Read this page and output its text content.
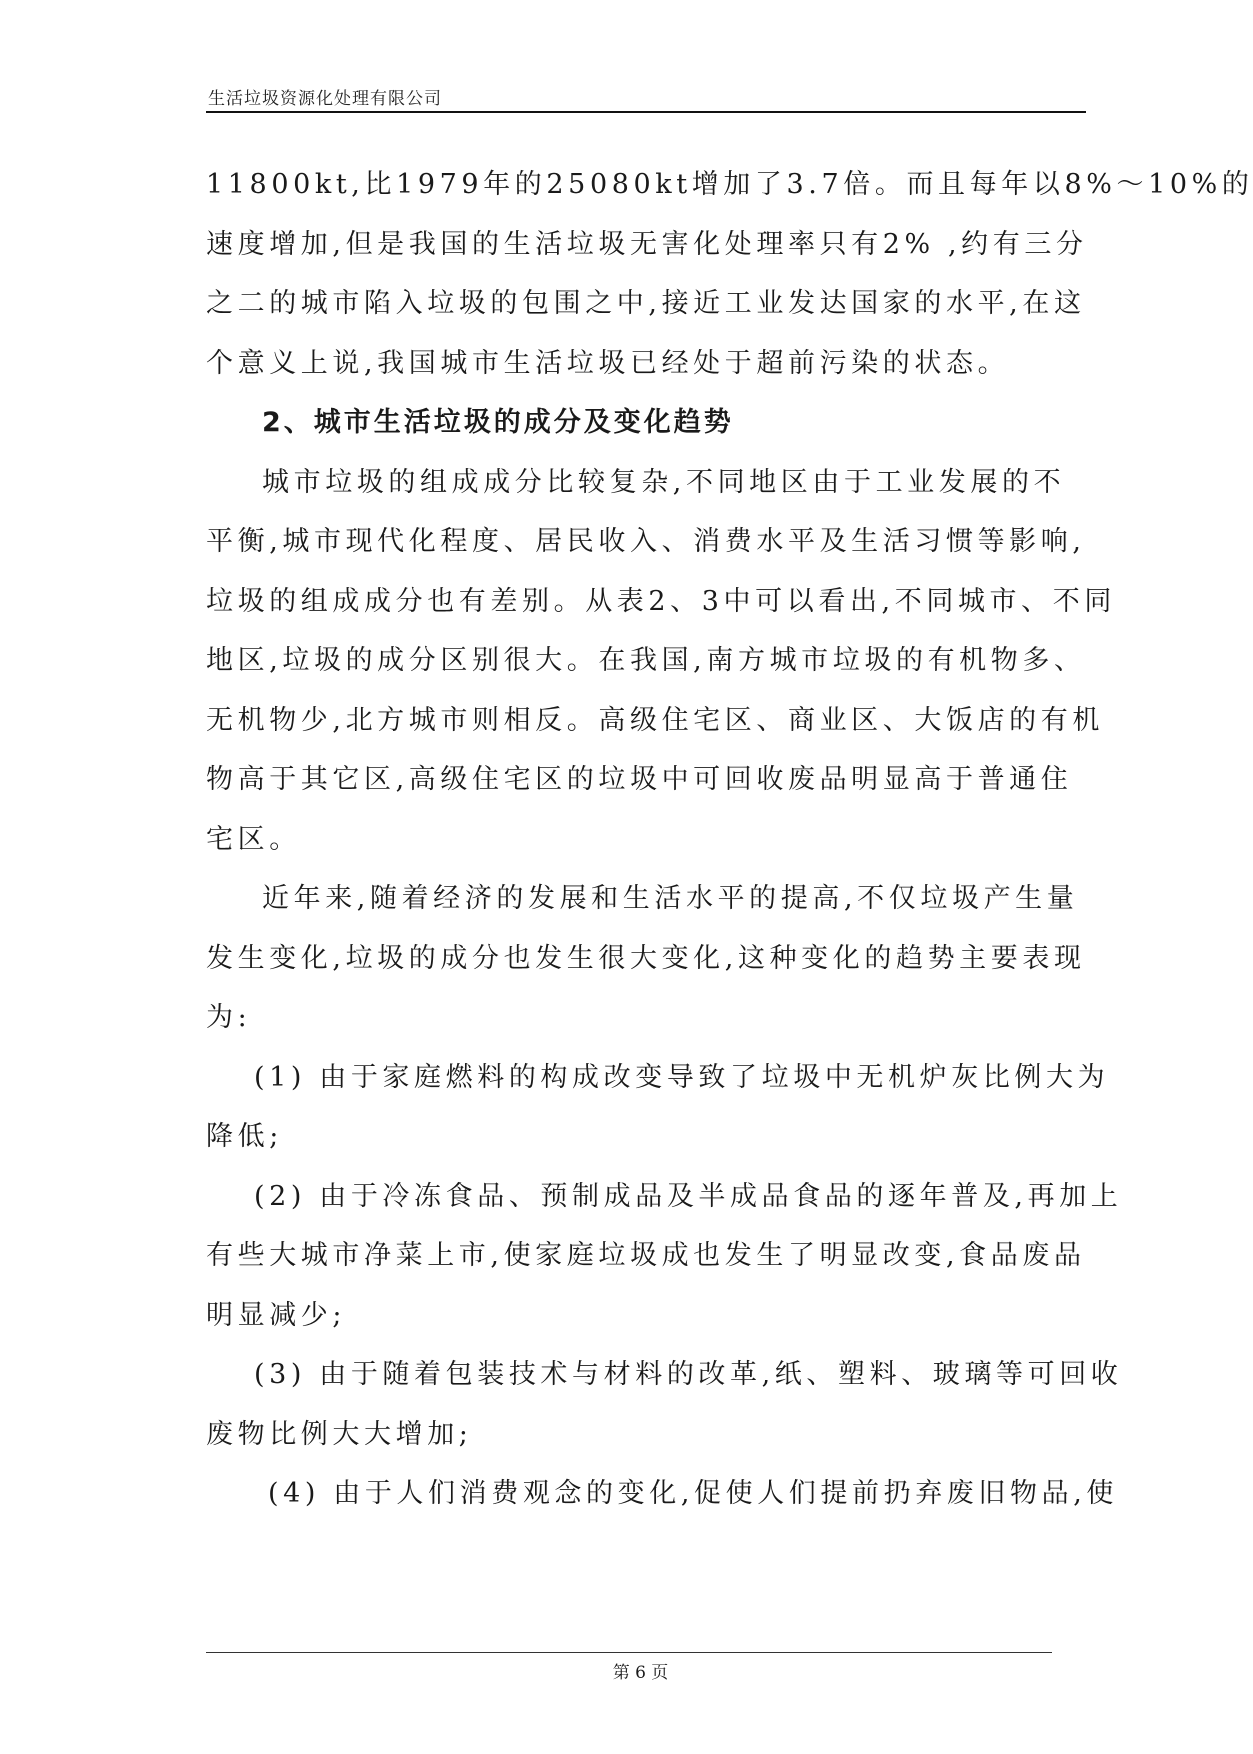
生活垃圾资源化处理有限公司
11800kt,比1979年的25080kt增加了3.7倍。而且每年以8%～10%的
速度增加,但是我国的生活垃圾无害化处理率只有2% ,约有三分
之二的城市陷入垃圾的包围之中,接近工业发达国家的水平,在这
个意义上说,我国城市生活垃圾已经处于超前污染的状态。
2、城市生活垃圾的成分及变化趋势
城市垃圾的组成成分比较复杂,不同地区由于工业发展的不
平衡,城市现代化程度、居民收入、消费水平及生活习惯等影响,
垃圾的组成成分也有差别。从表2、3中可以看出,不同城市、不同
地区,垃圾的成分区别很大。在我国,南方城市垃圾的有机物多、
无机物少,北方城市则相反。高级住宅区、商业区、大饭店的有机
物高于其它区,高级住宅区的垃圾中可回收废品明显高于普通住
宅区。
近年来,随着经济的发展和生活水平的提高,不仅垃圾产生量
发生变化,垃圾的成分也发生很大变化,这种变化的趋势主要表现
为:
(1) 由于家庭燃料的构成改变导致了垃圾中无机炉灰比例大为
降低;
(2) 由于冷冻食品、预制成品及半成品食品的逐年普及,再加上
有些大城市净菜上市,使家庭垃圾成也发生了明显改变,食品废品
明显减少;
(3) 由于随着包装技术与材料的改革,纸、塑料、玻璃等可回收
废物比例大大增加;
(4) 由于人们消费观念的变化,促使人们提前扔弃废旧物品,使
第 6 页
